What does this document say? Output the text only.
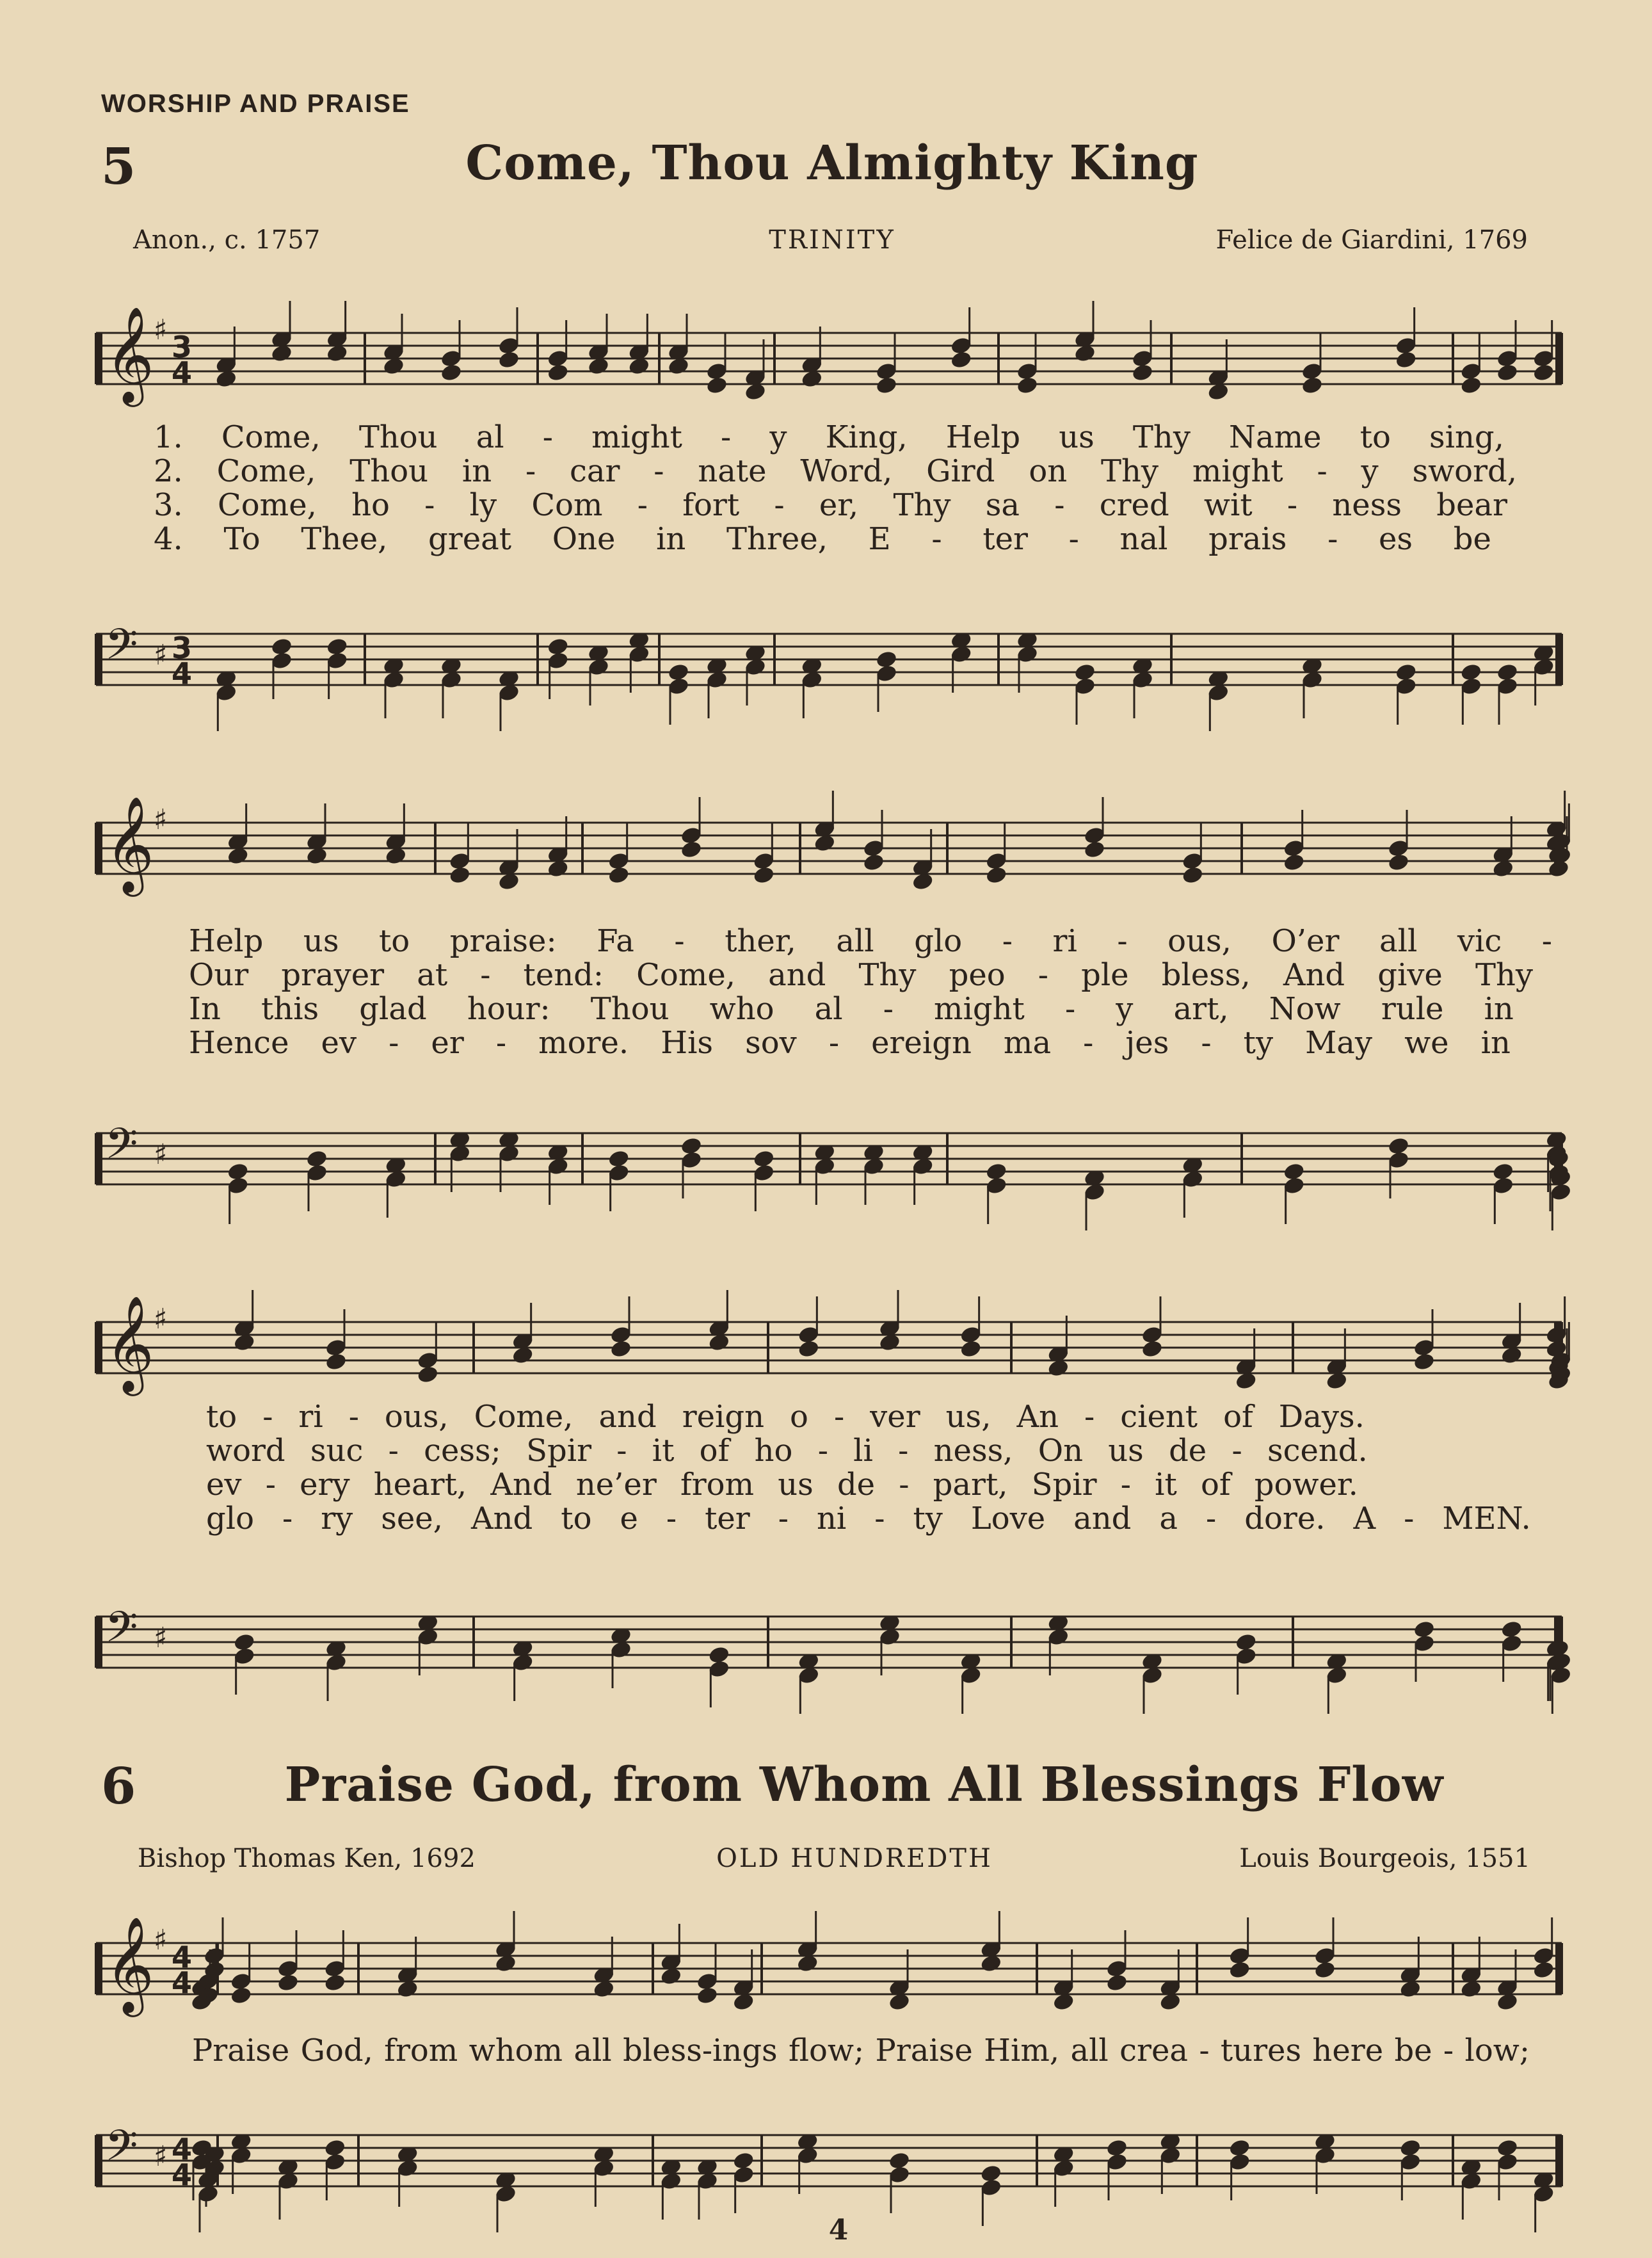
WORSHIP AND PRAISE
5	Come, Thou Almighty King
Anon., c. 1757	TRINITY	Felice de Giardini, 1769
𝄞 ♯ 3
4
1. Come, Thou al - might - y King, Help us Thy Name to sing,
2. Come, Thou in - car - nate Word, Gird on Thy might - y sword,
3. Come, ho - ly Com - fort - er, Thy sa - cred wit - ness bear
4. To Thee, great One in Three, E - ter - nal prais - es be
𝄢 ♯ 3
4
𝄞 ♯
Help us to praise: Fa - ther, all glo - ri - ous, O’er all vic -
Our prayer at - tend: Come, and Thy peo - ple bless, And give Thy
In this glad hour: Thou who al - might - y art, Now rule in
Hence ev - er - more. His sov - ereign ma - jes - ty May we in
𝄢 ♯
𝄞 ♯
to - ri - ous, Come, and reign o - ver us, An - cient of Days.
word suc - cess; Spir - it of ho - li - ness, On us de - scend.
ev - ery heart, And ne’er from us de - part, Spir - it of power.
glo - ry see, And to e - ter - ni - ty Love and a - dore. A - MEN.
𝄢 ♯
6	Praise God, from Whom All Blessings Flow
Bishop Thomas Ken, 1692	OLD HUNDREDTH	Louis Bourgeois, 1551
𝄞 ♯ 4
4
Praise God, from whom all bless-ings flow; Praise Him, all crea - tures here be - low;
𝄢 ♯ 4
4
4
